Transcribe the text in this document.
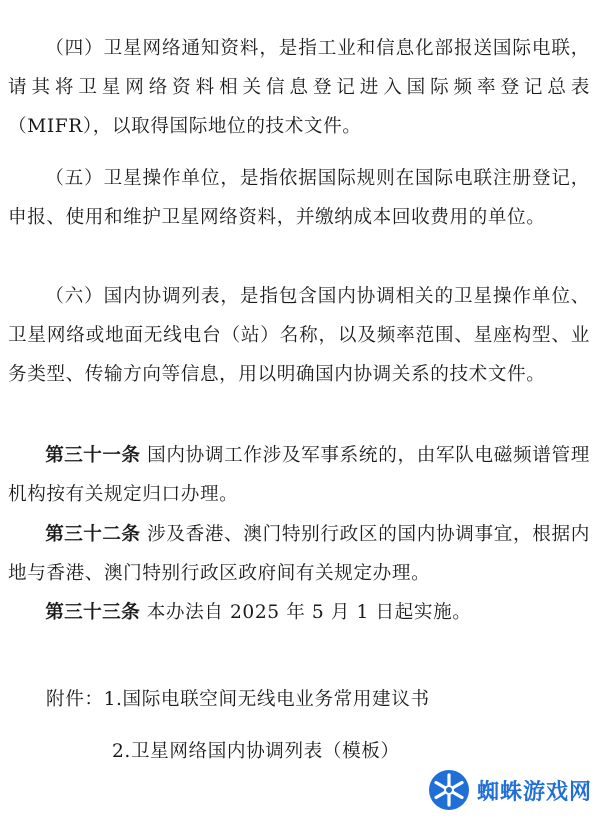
（四）卫星网络通知资料，是指工业和信息化部报送国际电联，请其将卫星网络资料相关信息登记进入国际频率登记总表（MIFR），以取得国际地位的技术文件。

（五）卫星操作单位，是指依据国际规则在国际电联注册登记，申报、使用和维护卫星网络资料，并缴纳成本回收费用的单位。

（六）国内协调列表，是指包含国内协调相关的卫星操作单位、卫星网络或地面无线电台（站）名称，以及频率范围、星座构型、业务类型、传输方向等信息，用以明确国内协调关系的技术文件。

第三十一条 国内协调工作涉及军事系统的，由军队电磁频谱管理机构按有关规定归口办理。

第三十二条 涉及香港、澳门特别行政区的国内协调事宜，根据内地与香港、澳门特别行政区政府间有关规定办理。

第三十三条 本办法自 2025 年 5 月 1 日起实施。

附件：1.国际电联空间无线电业务常用建议书

2.卫星网络国内协调列表（模板）

蜘蛛游戏网
